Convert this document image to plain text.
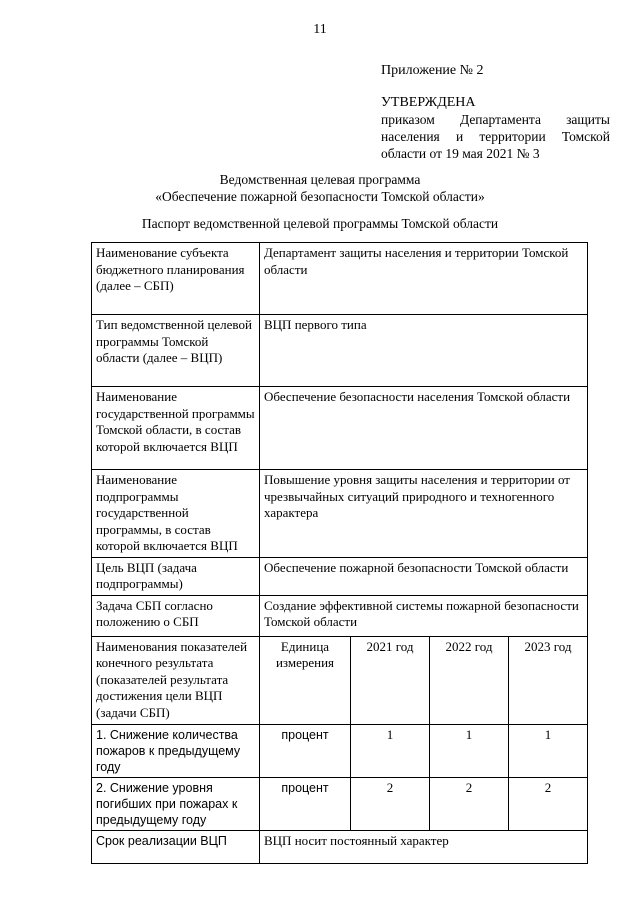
11
Приложение № 2
УТВЕРЖДЕНА
приказом Департамента защиты населения и территории Томской области от 19 мая 2021 № 3
Ведомственная целевая программа
«Обеспечение пожарной безопасности Томской области»
Паспорт ведомственной целевой программы Томской области
Наименование субъекта бюджетного планирования (далее – СБП)	Департамент защиты населения и территории Томской области			
Тип ведомственной целевой программы Томской области (далее – ВЦП)	ВЦП первого типа			
Наименование государственной программы Томской области, в состав которой включается ВЦП	Обеспечение безопасности населения Томской области			
Наименование подпрограммы государственной программы, в состав которой включается ВЦП	Повышение уровня защиты населения и территории от чрезвычайных ситуаций природного и техногенного характера			
Цель ВЦП (задача подпрограммы)	Обеспечение пожарной безопасности Томской области			
Задача СБП согласно положению о СБП	Создание эффективной системы пожарной безопасности Томской области			
Наименования показателей конечного результата (показателей результата достижения цели ВЦП (задачи СБП)	Единица измерения	2021 год	2022 год	2023 год
1. Снижение количества пожаров к предыдущему году	процент	1	1	1
2. Снижение уровня погибших при пожарах к предыдущему году	процент	2	2	2
Срок реализации ВЦП	ВЦП носит постоянный характер			
